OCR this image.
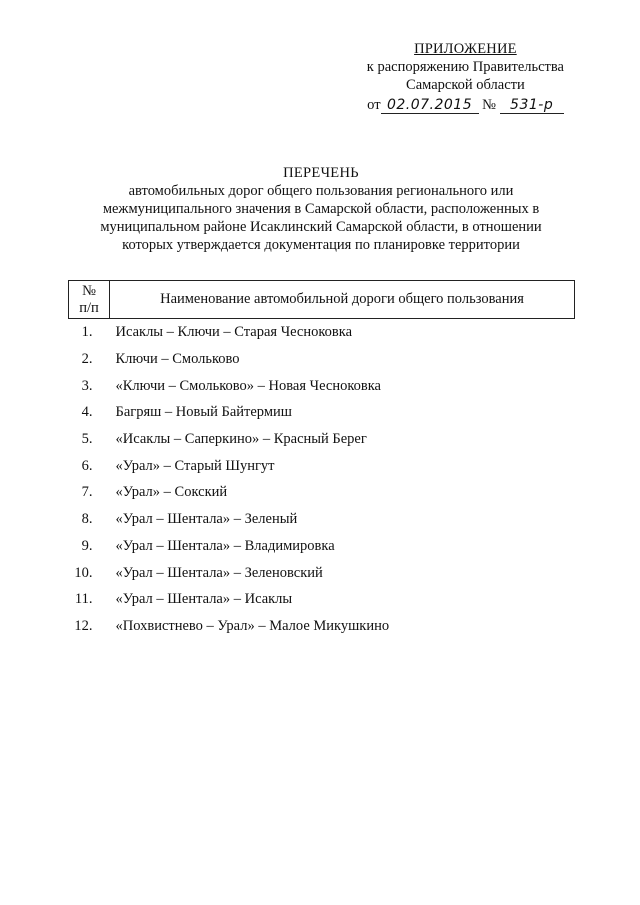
ПРИЛОЖЕНИЕ
к распоряжению Правительства
Самарской области
от 02.07.2015 № 531-р
ПЕРЕЧЕНЬ
автомобильных дорог общего пользования регионального или
межмуниципального значения в Самарской области, расположенных в
муниципальном районе Исаклинский Самарской области, в отношении
которых утверждается документация по планировке территории
№
п/п	Наименование автомобильной дороги общего пользования
1.	Исаклы – Ключи – Старая Чесноковка
2.	Ключи – Смольково
3.	«Ключи – Смольково» – Новая Чесноковка
4.	Багряш – Новый Байтермиш
5.	«Исаклы – Саперкино» – Красный Берег
6.	«Урал» – Старый Шунгут
7.	«Урал» – Сокский
8.	«Урал – Шентала» – Зеленый
9.	«Урал – Шентала» – Владимировка
10.	«Урал – Шентала» – Зеленовский
11.	«Урал – Шентала» – Исаклы
12.	«Похвистнево – Урал» – Малое Микушкино
